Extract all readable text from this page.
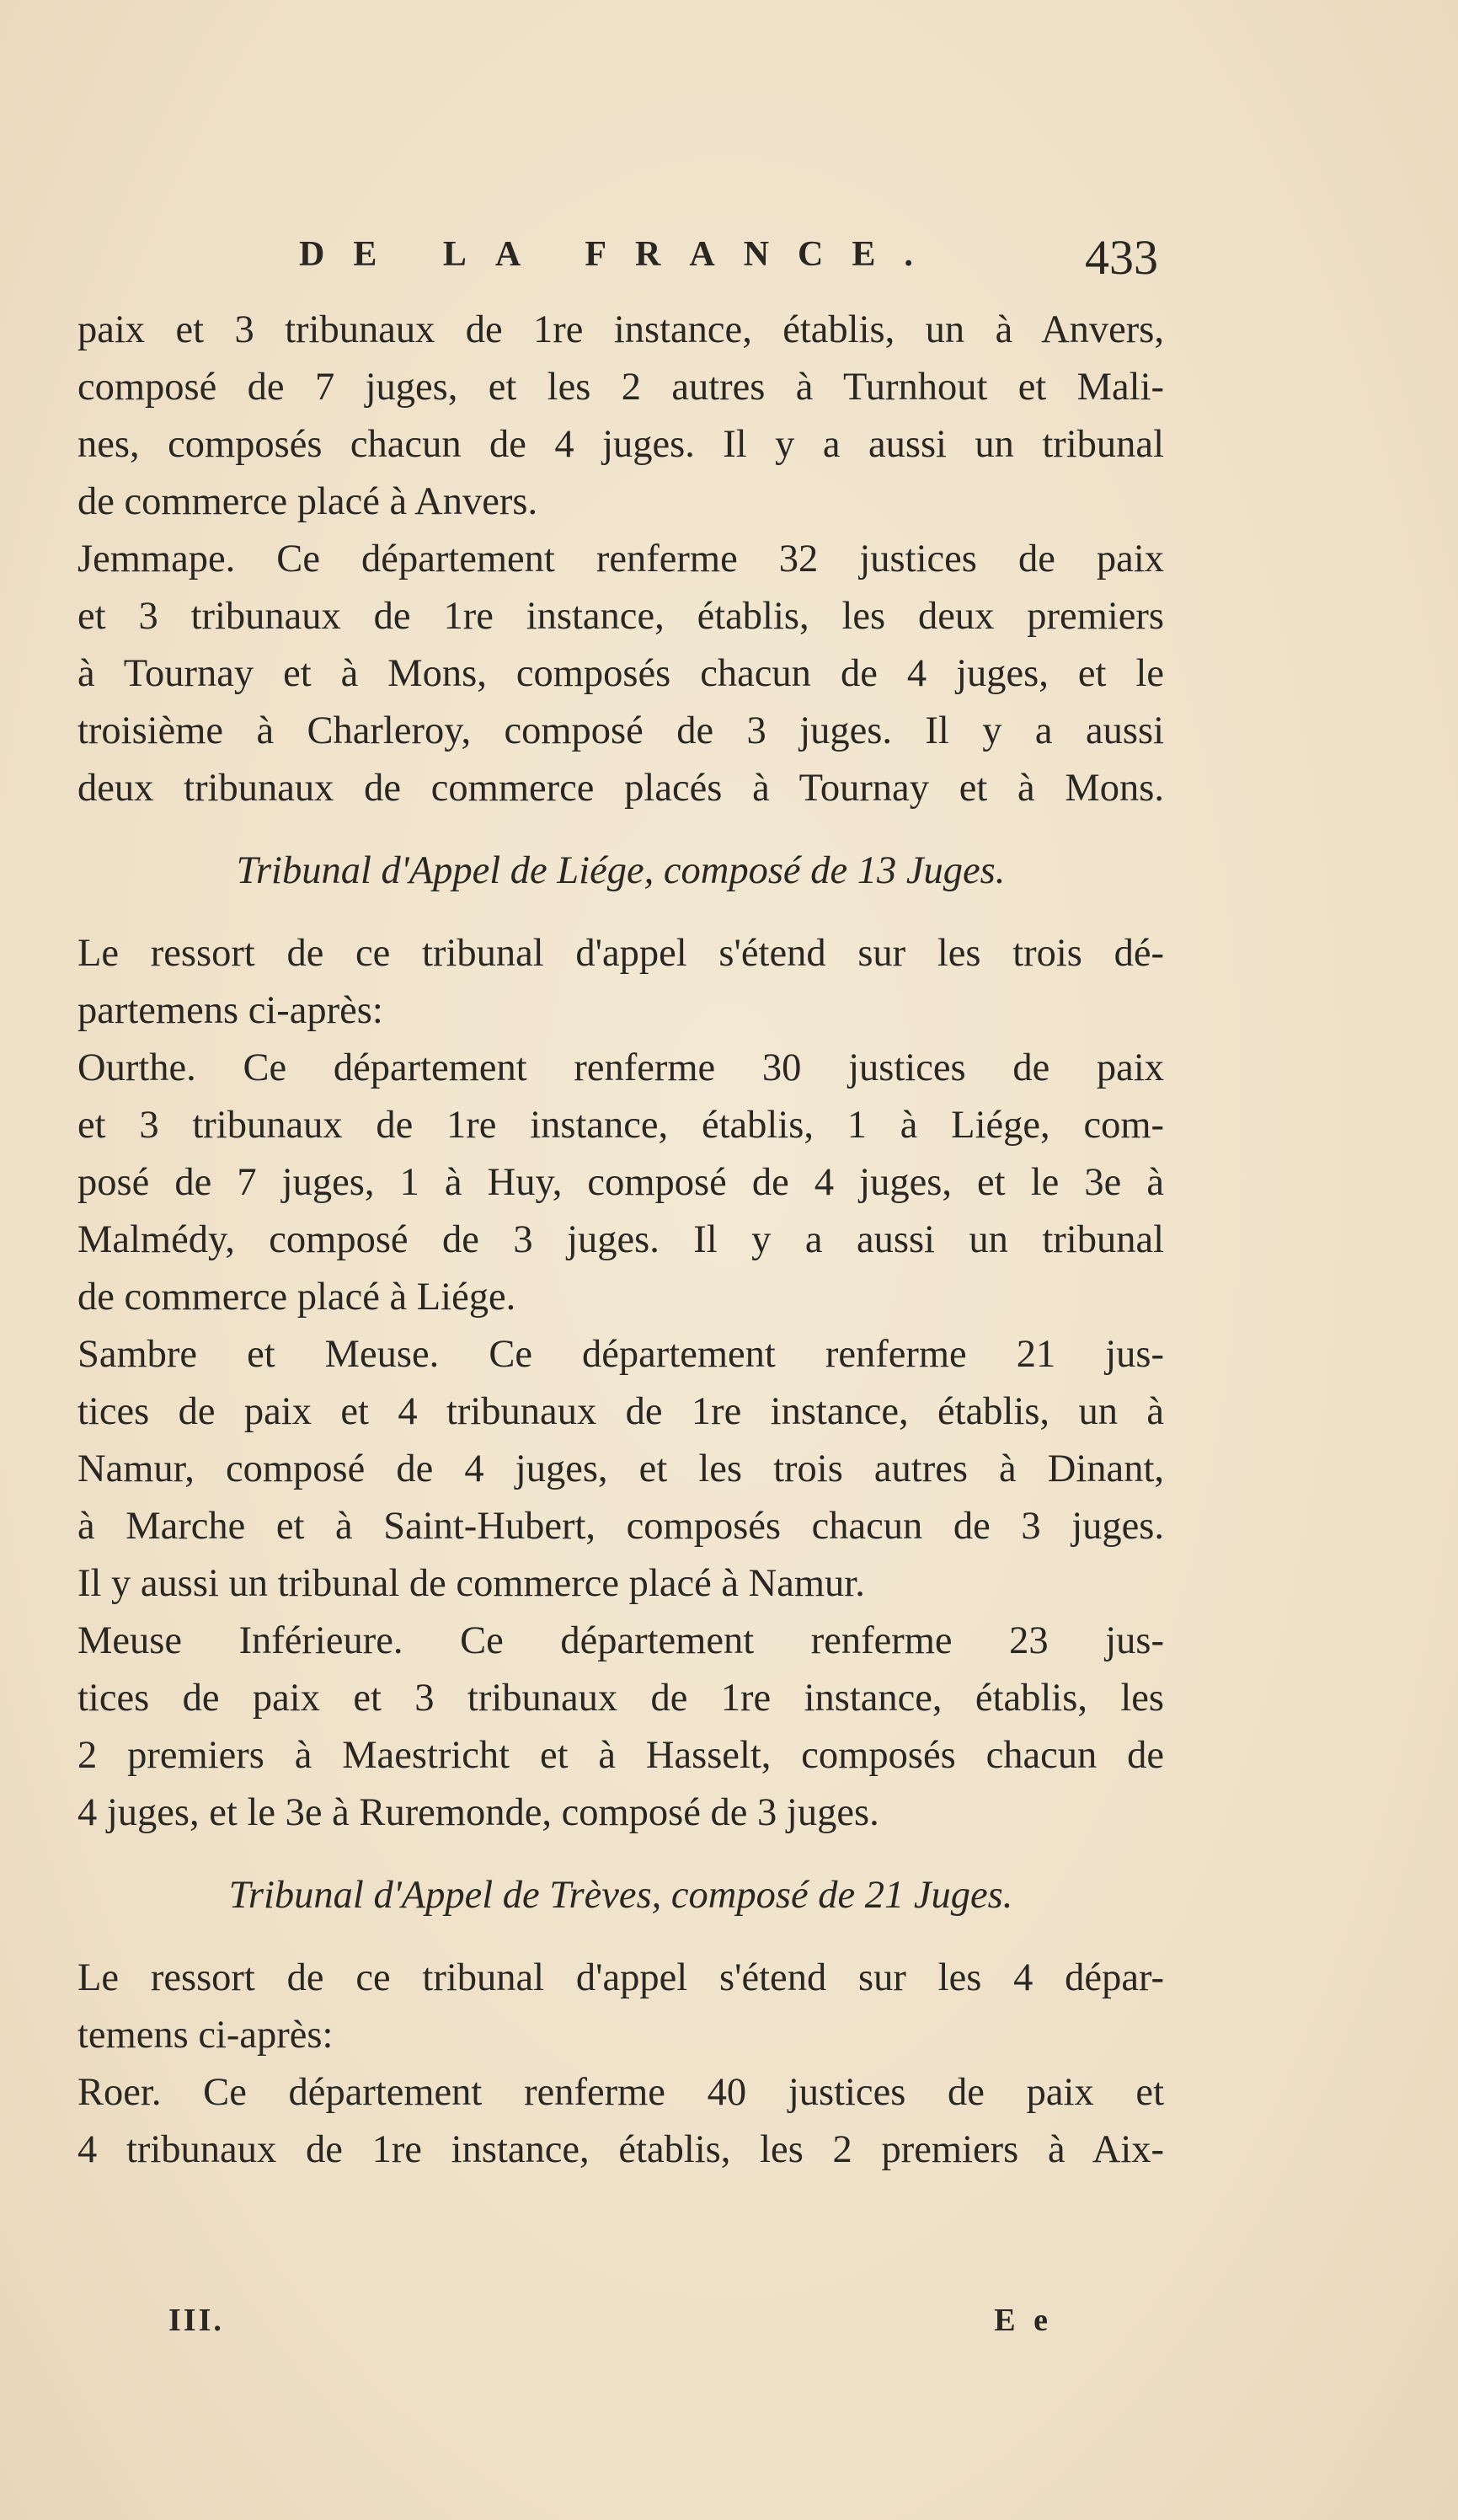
DE LA FRANCE.	433
paix et 3 tribunaux de 1re instance, établis, un à Anvers,
composé de 7 juges, et les 2 autres à Turnhout et Mali-
nes, composés chacun de 4 juges. Il y a aussi un tribunal
de commerce placé à Anvers.
Jemmape. Ce département renferme 32 justices de paix
et 3 tribunaux de 1re instance, établis, les deux premiers
à Tournay et à Mons, composés chacun de 4 juges, et le
troisième à Charleroy, composé de 3 juges. Il y a aussi
deux tribunaux de commerce placés à Tournay et à Mons.
Tribunal d'Appel de Liége, composé de 13 Juges.
Le ressort de ce tribunal d'appel s'étend sur les trois dé-
partemens ci-après:
Ourthe. Ce département renferme 30 justices de paix
et 3 tribunaux de 1re instance, établis, 1 à Liége, com-
posé de 7 juges, 1 à Huy, composé de 4 juges, et le 3e à
Malmédy, composé de 3 juges. Il y a aussi un tribunal
de commerce placé à Liége.
Sambre et Meuse. Ce département renferme 21 jus-
tices de paix et 4 tribunaux de 1re instance, établis, un à
Namur, composé de 4 juges, et les trois autres à Dinant,
à Marche et à Saint-Hubert, composés chacun de 3 juges.
Il y aussi un tribunal de commerce placé à Namur.
Meuse Inférieure. Ce département renferme 23 jus-
tices de paix et 3 tribunaux de 1re instance, établis, les
2 premiers à Maestricht et à Hasselt, composés chacun de
4 juges, et le 3e à Ruremonde, composé de 3 juges.
Tribunal d'Appel de Trèves, composé de 21 Juges.
Le ressort de ce tribunal d'appel s'étend sur les 4 dépar-
temens ci-après:
Roer. Ce département renferme 40 justices de paix et
4 tribunaux de 1re instance, établis, les 2 premiers à Aix-
III.	E e
